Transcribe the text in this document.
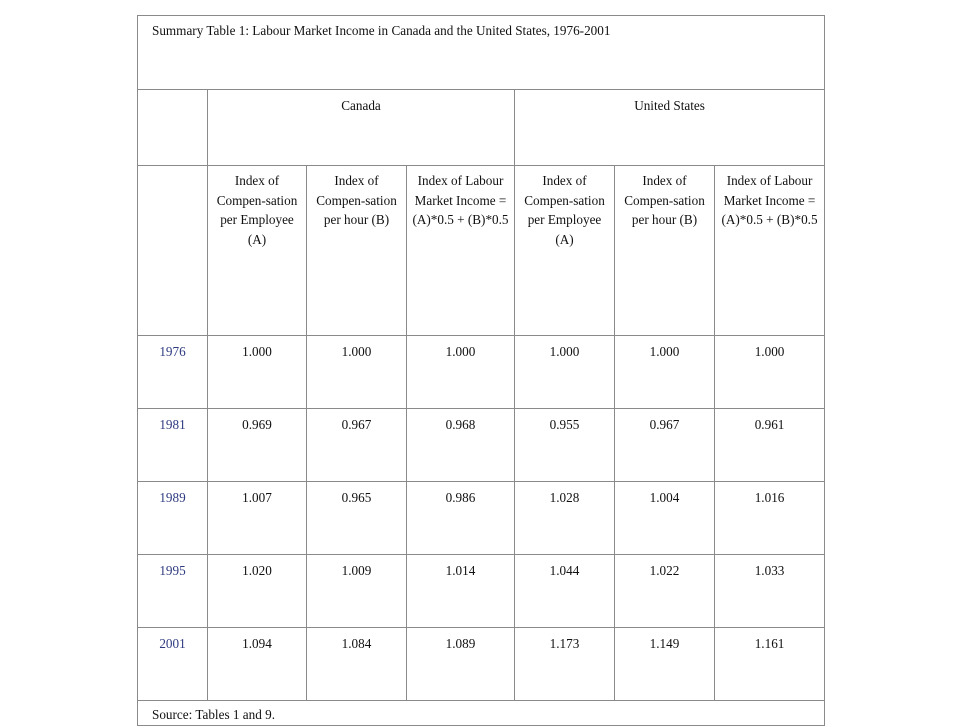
Summary Table 1: Labour Market Income in Canada and the United States, 1976-2001						
	Canada			United States		
	Index of Compen-sation per Employee (A)	Index of Compen-sation per hour (B)	Index of Labour Market Income = (A)*0.5 + (B)*0.5	Index of Compen-sation per Employee (A)	Index of Compen-sation per hour (B)	Index of Labour Market Income = (A)*0.5 + (B)*0.5
1976	1.000	1.000	1.000	1.000	1.000	1.000
1981	0.969	0.967	0.968	0.955	0.967	0.961
1989	1.007	0.965	0.986	1.028	1.004	1.016
1995	1.020	1.009	1.014	1.044	1.022	1.033
2001	1.094	1.084	1.089	1.173	1.149	1.161
Source: Tables 1 and 9.						
